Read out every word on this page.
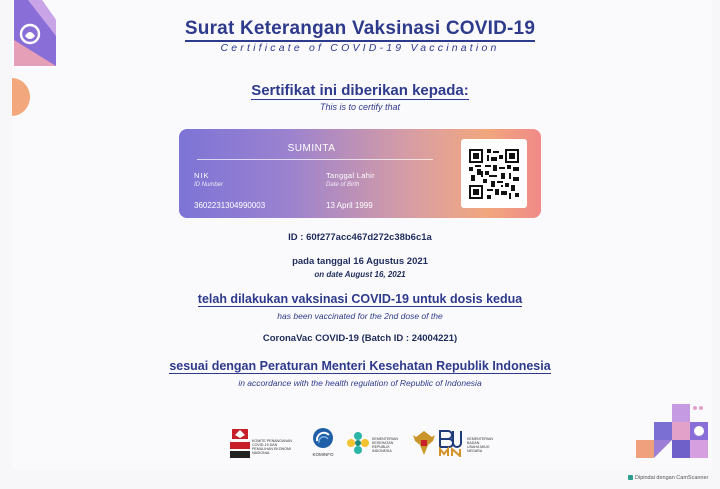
Surat Keterangan Vaksinasi COVID-19
Certificate of COVID-19 Vaccination
Sertifikat ini diberikan kepada:
This is to certify that
SUMINTA
NIK
ID Number
3602231304990003
Tanggal Lahir
Date of Birth
13 April 1999
ID : 60f277acc467d272c38b6c1a
pada tanggal 16 Agustus 2021
on date August 16, 2021
telah dilakukan vaksinasi COVID-19 untuk dosis kedua
has been vaccinated for the 2nd dose of the
CoronaVac COVID-19 (Batch ID : 24004221)
sesuai dengan Peraturan Menteri Kesehatan Republik Indonesia
in accordance with the health regulation of Republic of Indonesia
KOMITE PENANGANAN COVID-19 DAN PEMULIHAN EKONOMI NASIONAL	KOMINFO
KEMENTERIAN KESEHATAN REPUBLIK INDONESIA
KEMENTERIAN BADAN USAHA MILIK NEGARA
Dipindai dengan CamScanner
